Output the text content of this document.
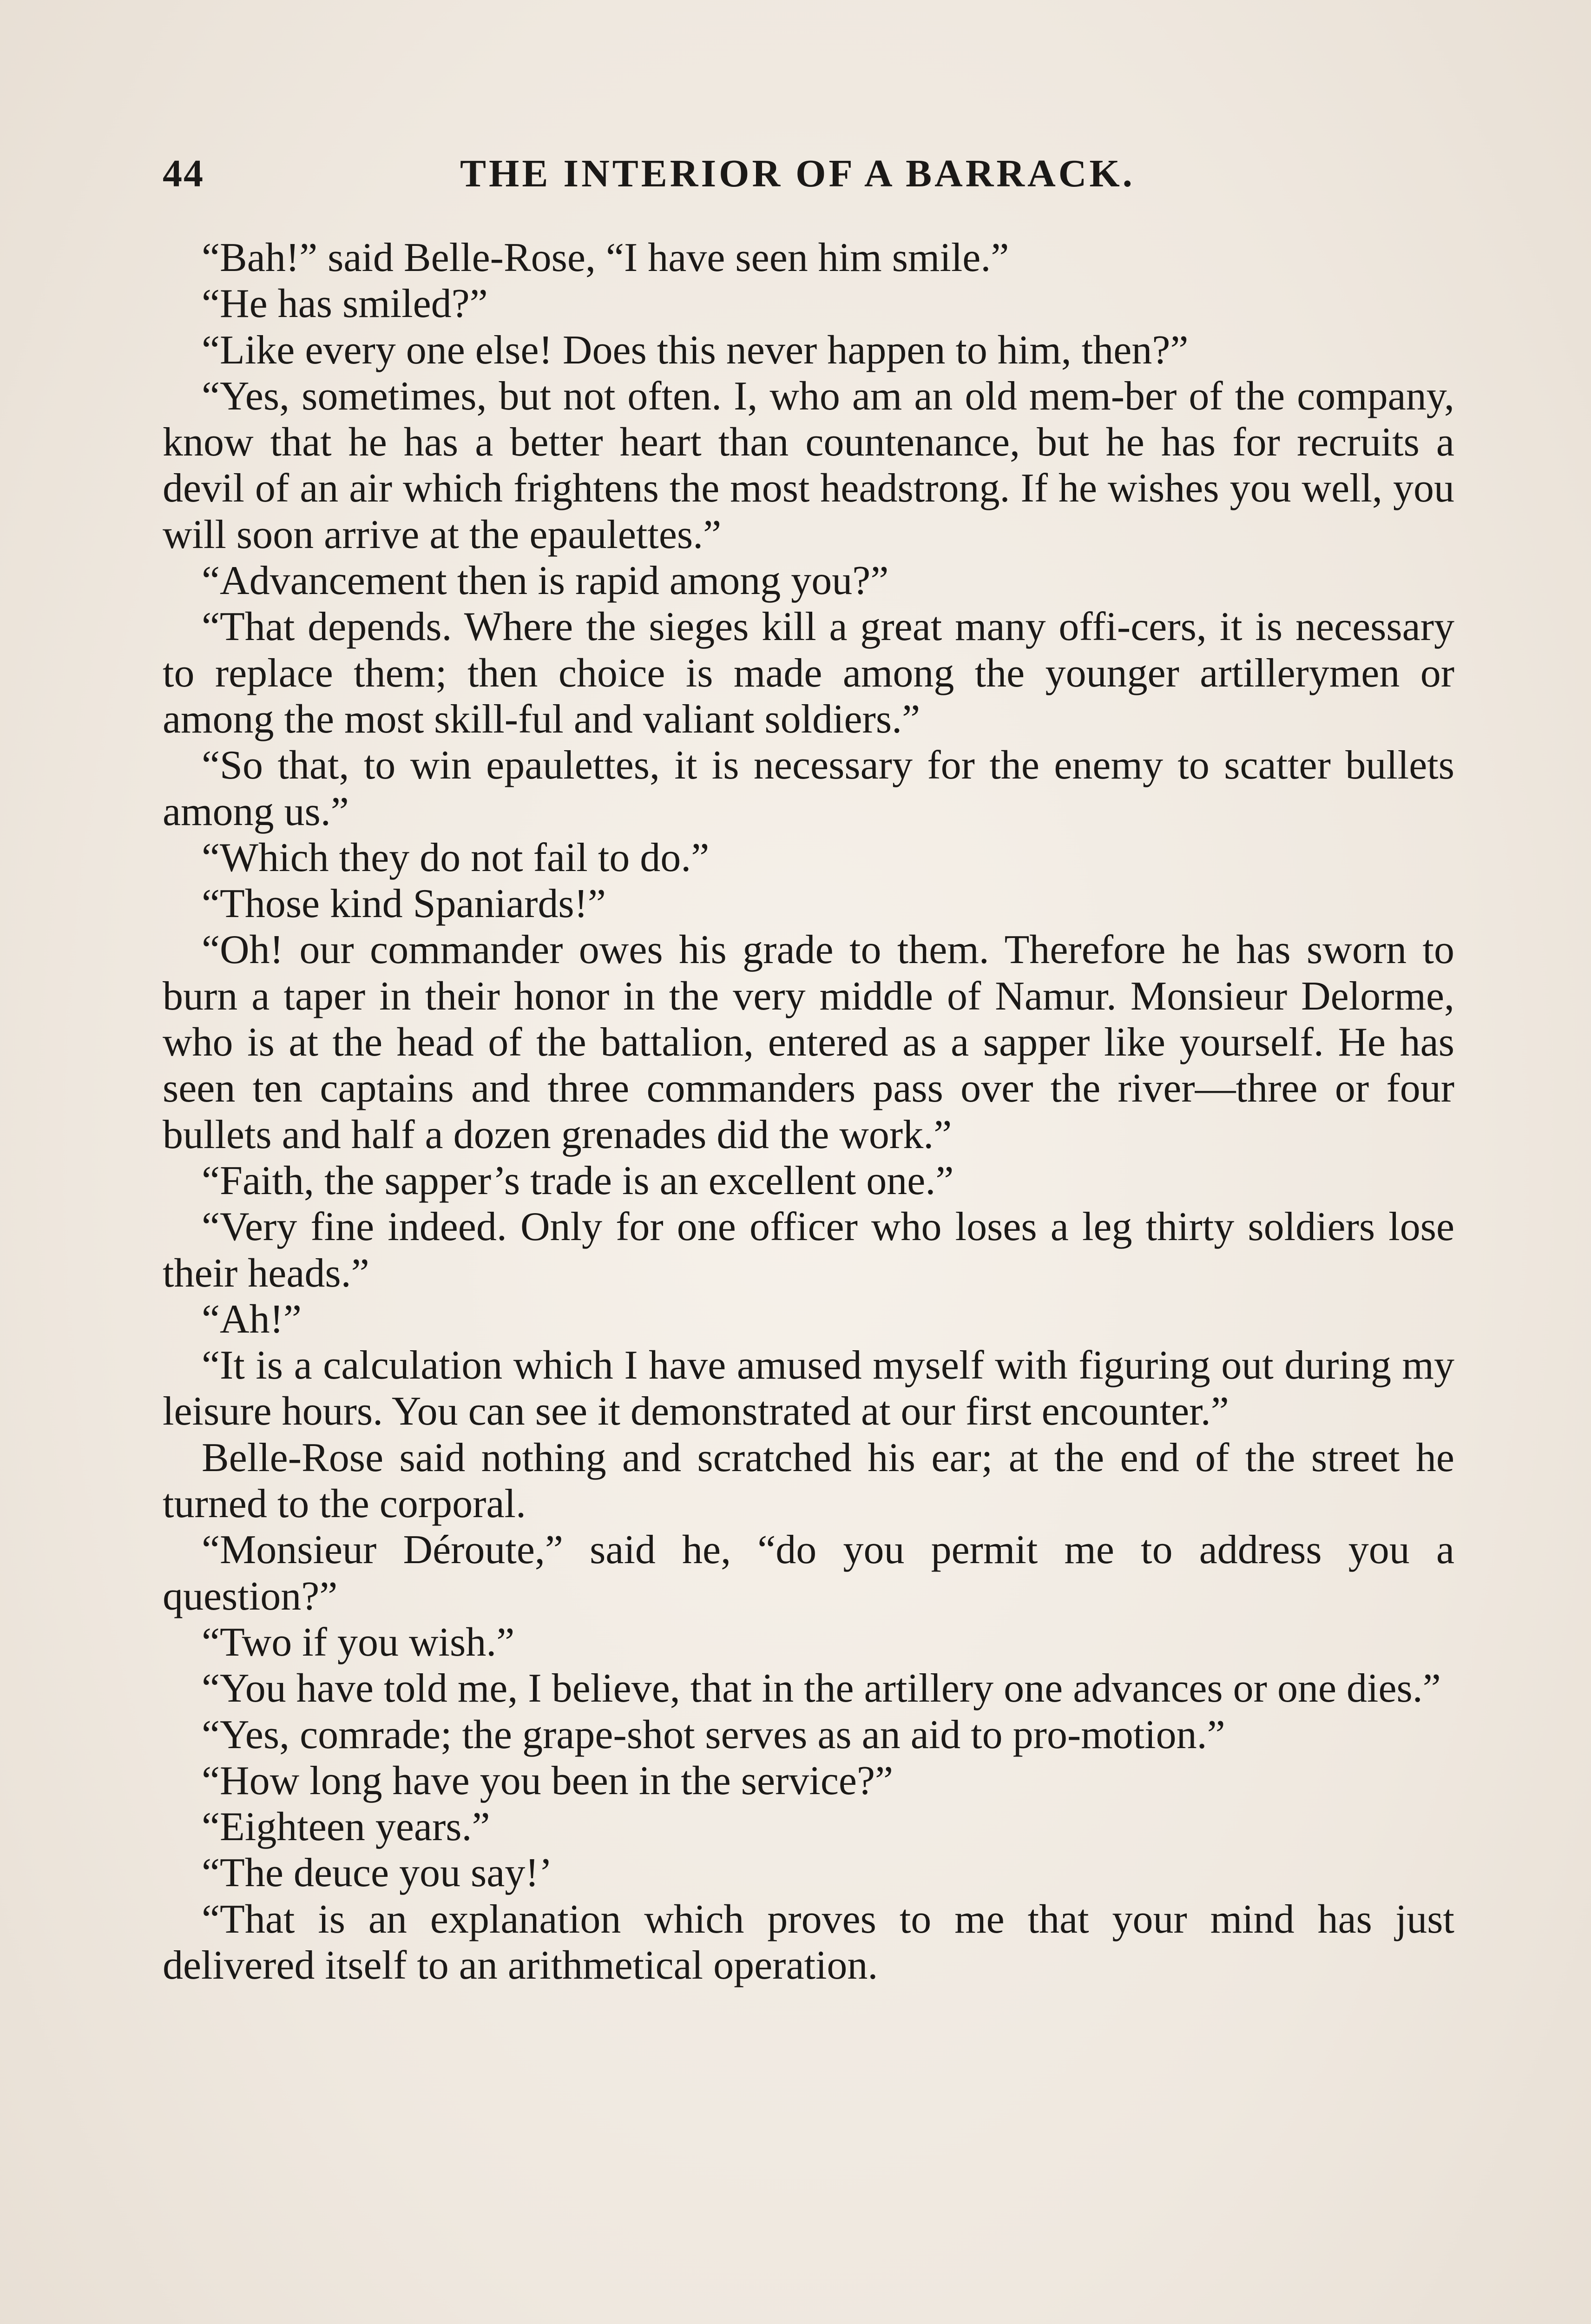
44	THE INTERIOR OF A BARRACK.

“Bah!” said Belle-Rose, “I have seen him smile.”

“He has smiled?”

“Like every one else! Does this never happen to him, then?”

“Yes, sometimes, but not often. I, who am an old mem-ber of the company, know that he has a better heart than countenance, but he has for recruits a devil of an air which frightens the most headstrong. If he wishes you well, you will soon arrive at the epaulettes.”

“Advancement then is rapid among you?”

“That depends. Where the sieges kill a great many offi-cers, it is necessary to replace them; then choice is made among the younger artillerymen or among the most skill-ful and valiant soldiers.”

“So that, to win epaulettes, it is necessary for the enemy to scatter bullets among us.”

“Which they do not fail to do.”

“Those kind Spaniards!”

“Oh! our commander owes his grade to them. Therefore he has sworn to burn a taper in their honor in the very middle of Namur. Monsieur Delorme, who is at the head of the battalion, entered as a sapper like yourself. He has seen ten captains and three commanders pass over the river—three or four bullets and half a dozen grenades did the work.”

“Faith, the sapper’s trade is an excellent one.”

“Very fine indeed. Only for one officer who loses a leg thirty soldiers lose their heads.”

“Ah!”

“It is a calculation which I have amused myself with figuring out during my leisure hours. You can see it demonstrated at our first encounter.”

Belle-Rose said nothing and scratched his ear; at the end of the street he turned to the corporal.

“Monsieur Déroute,” said he, “do you permit me to address you a question?”

“Two if you wish.”

“You have told me, I believe, that in the artillery one advances or one dies.”

“Yes, comrade; the grape-shot serves as an aid to pro-motion.”

“How long have you been in the service?”

“Eighteen years.”

“The deuce you say!’

“That is an explanation which proves to me that your mind has just delivered itself to an arithmetical operation.
